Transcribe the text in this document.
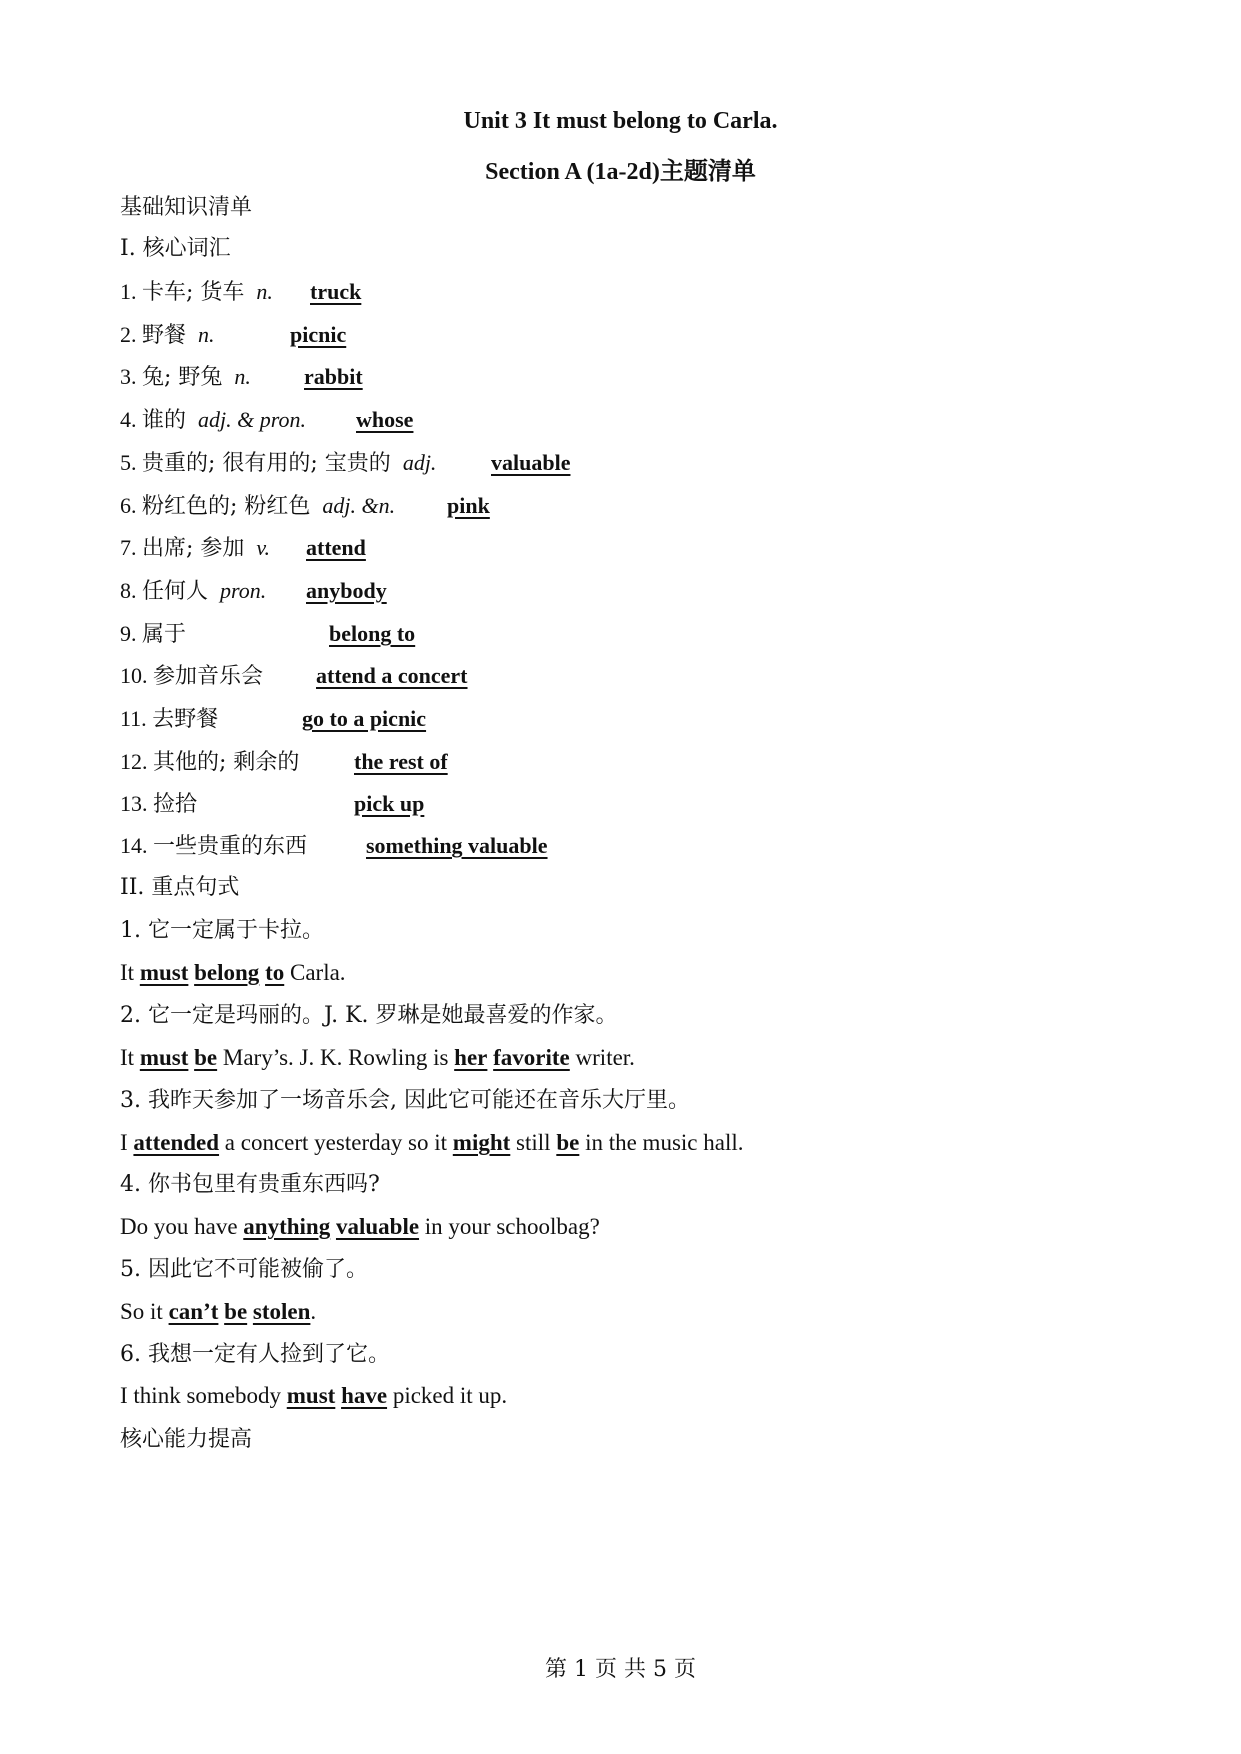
Unit 3 It must belong to Carla.
Section A (1a-2d)主题清单
基础知识清单
I. 核心词汇
1. 卡车; 货车 n. truck
2. 野餐 n.	picnic
3. 兔; 野兔 n. rabbit
4. 谁的 adj. & pron. whose
5. 贵重的; 很有用的; 宝贵的 adj. valuable
6. 粉红色的; 粉红色 adj. &n. pink
7. 出席; 参加 v. attend
8. 任何人 pron. anybody
9. 属于	belong to
10. 参加音乐会 attend a concert
11. 去野餐	go to a picnic
12. 其他的; 剩余的 the rest of
13. 捡拾	pick up
14. 一些贵重的东西	something valuable
II. 重点句式
1. 它一定属于卡拉。
It must belong to Carla.
2. 它一定是玛丽的。J. K. 罗琳是她最喜爱的作家。
It must be Mary’s. J. K. Rowling is her favorite writer.
3. 我昨天参加了一场音乐会, 因此它可能还在音乐大厅里。
I attended a concert yesterday so it might still be in the music hall.
4. 你书包里有贵重东西吗?
Do you have anything valuable in your schoolbag?
5. 因此它不可能被偷了。
So it can’t be stolen.
6. 我想一定有人捡到了它。
I think somebody must have picked it up.
核心能力提高
第 1 页 共 5 页
